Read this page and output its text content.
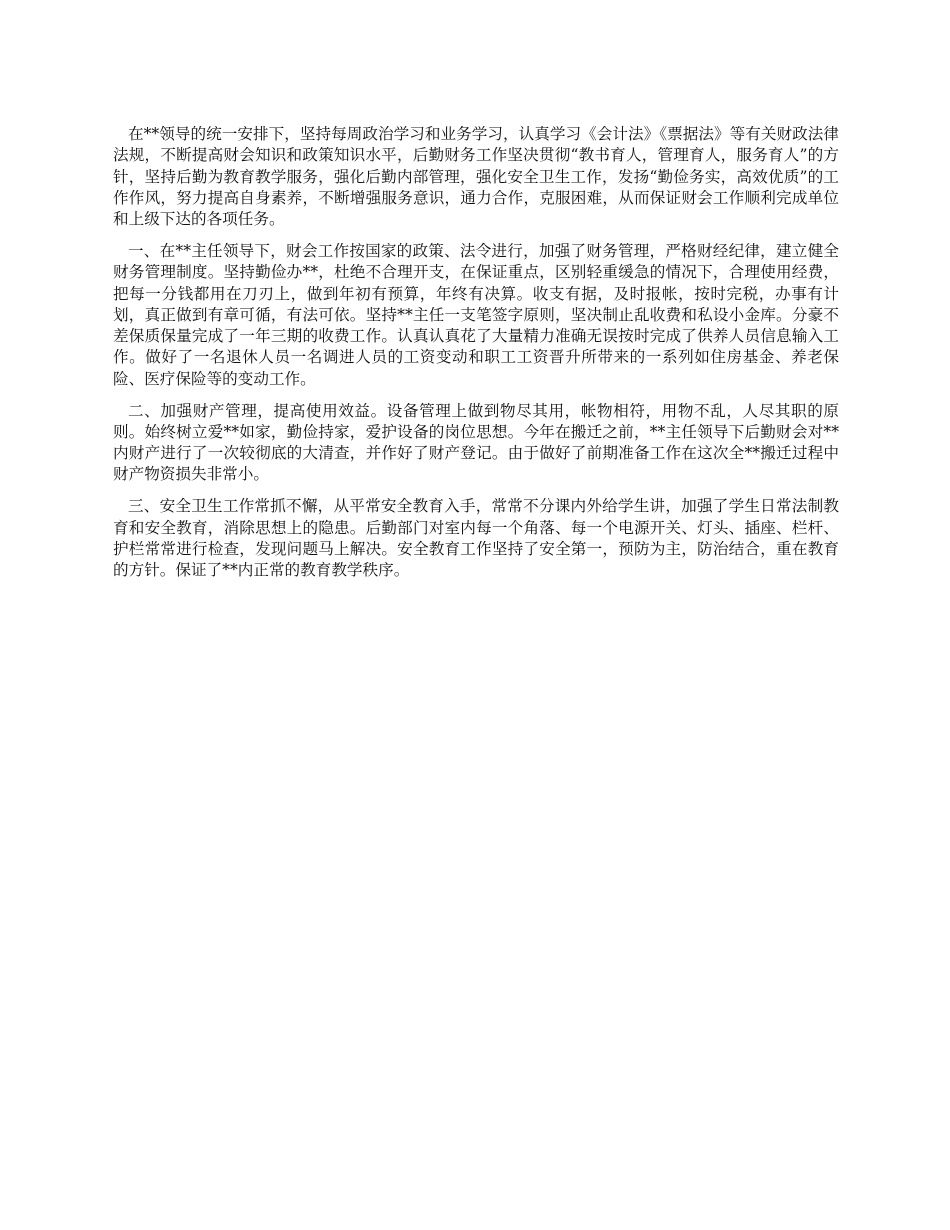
在**领导的统一安排下，坚持每周政治学习和业务学习，认真学习《会计法》《票据法》等有关财政法律法规，不断提高财会知识和政策知识水平，后勤财务工作坚决贯彻“教书育人，管理育人，服务育人”的方针，坚持后勤为教育教学服务，强化后勤内部管理，强化安全卫生工作，发扬“勤俭务实，高效优质”的工作作风，努力提高自身素养，不断增强服务意识，通力合作，克服困难，从而保证财会工作顺利完成单位和上级下达的各项任务。

一、在**主任领导下，财会工作按国家的政策、法令进行，加强了财务管理，严格财经纪律，建立健全财务管理制度。坚持勤俭办**，杜绝不合理开支，在保证重点，区别轻重缓急的情况下，合理使用经费，把每一分钱都用在刀刃上，做到年初有预算，年终有决算。收支有据，及时报帐，按时完税，办事有计划，真正做到有章可循，有法可依。坚持**主任一支笔签字原则，坚决制止乱收费和私设小金库。分豪不差保质保量完成了一年三期的收费工作。认真认真花了大量精力准确无误按时完成了供养人员信息输入工作。做好了一名退休人员一名调进人员的工资变动和职工工资晋升所带来的一系列如住房基金、养老保险、医疗保险等的变动工作。

二、加强财产管理，提高使用效益。设备管理上做到物尽其用，帐物相符，用物不乱，人尽其职的原则。始终树立爱**如家，勤俭持家，爱护设备的岗位思想。今年在搬迁之前，**主任领导下后勤财会对**内财产进行了一次较彻底的大清查，并作好了财产登记。由于做好了前期准备工作在这次全**搬迁过程中财产物资损失非常小。

三、安全卫生工作常抓不懈，从平常安全教育入手，常常不分课内外给学生讲，加强了学生日常法制教育和安全教育，消除思想上的隐患。后勤部门对室内每一个角落、每一个电源开关、灯头、插座、栏杆、护栏常常进行检查，发现问题马上解决。安全教育工作坚持了安全第一，预防为主，防治结合，重在教育的方针。保证了**内正常的教育教学秩序。
